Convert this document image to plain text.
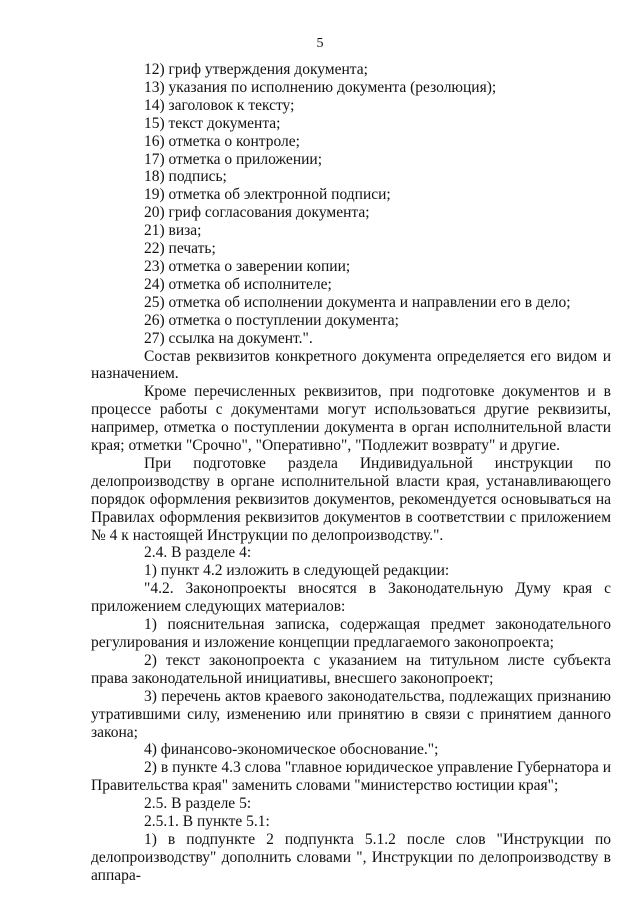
5

12) гриф утверждения документа;

13) указания по исполнению документа (резолюция);

14) заголовок к тексту;

15) текст документа;

16) отметка о контроле;

17) отметка о приложении;

18) подпись;

19) отметка об электронной подписи;

20) гриф согласования документа;

21) виза;

22) печать;

23) отметка о заверении копии;

24) отметка об исполнителе;

25) отметка об исполнении документа и направлении его в дело;

26) отметка о поступлении документа;

27) ссылка на документ.".

Состав реквизитов конкретного документа определяется его видом и назначением.

Кроме перечисленных реквизитов, при подготовке документов и в процессе работы с документами могут использоваться другие реквизиты, например, отметка о поступлении документа в орган исполнительной власти края; отметки "Срочно", "Оперативно", "Подлежит возврату" и другие.

При подготовке раздела Индивидуальной инструкции по делопроизводству в органе исполнительной власти края, устанавливающего порядок оформления реквизитов документов, рекомендуется основываться на Правилах оформления реквизитов документов в соответствии с приложением № 4 к настоящей Инструкции по делопроизводству.".

2.4. В разделе 4:

1) пункт 4.2 изложить в следующей редакции:

"4.2. Законопроекты вносятся в Законодательную Думу края с приложением следующих материалов:

1) пояснительная записка, содержащая предмет законодательного регулирования и изложение концепции предлагаемого законопроекта;

2) текст законопроекта с указанием на титульном листе субъекта права законодательной инициативы, внесшего законопроект;

3) перечень актов краевого законодательства, подлежащих признанию утратившими силу, изменению или принятию в связи с принятием данного закона;

4) финансово-экономическое обоснование.";

2) в пункте 4.3 слова "главное юридическое управление Губернатора и Правительства края" заменить словами "министерство юстиции края";

2.5. В разделе 5:

2.5.1. В пункте 5.1:

1) в подпункте 2 подпункта 5.1.2 после слов "Инструкции по делопроизводству" дополнить словами ", Инструкции по делопроизводству в аппара-
